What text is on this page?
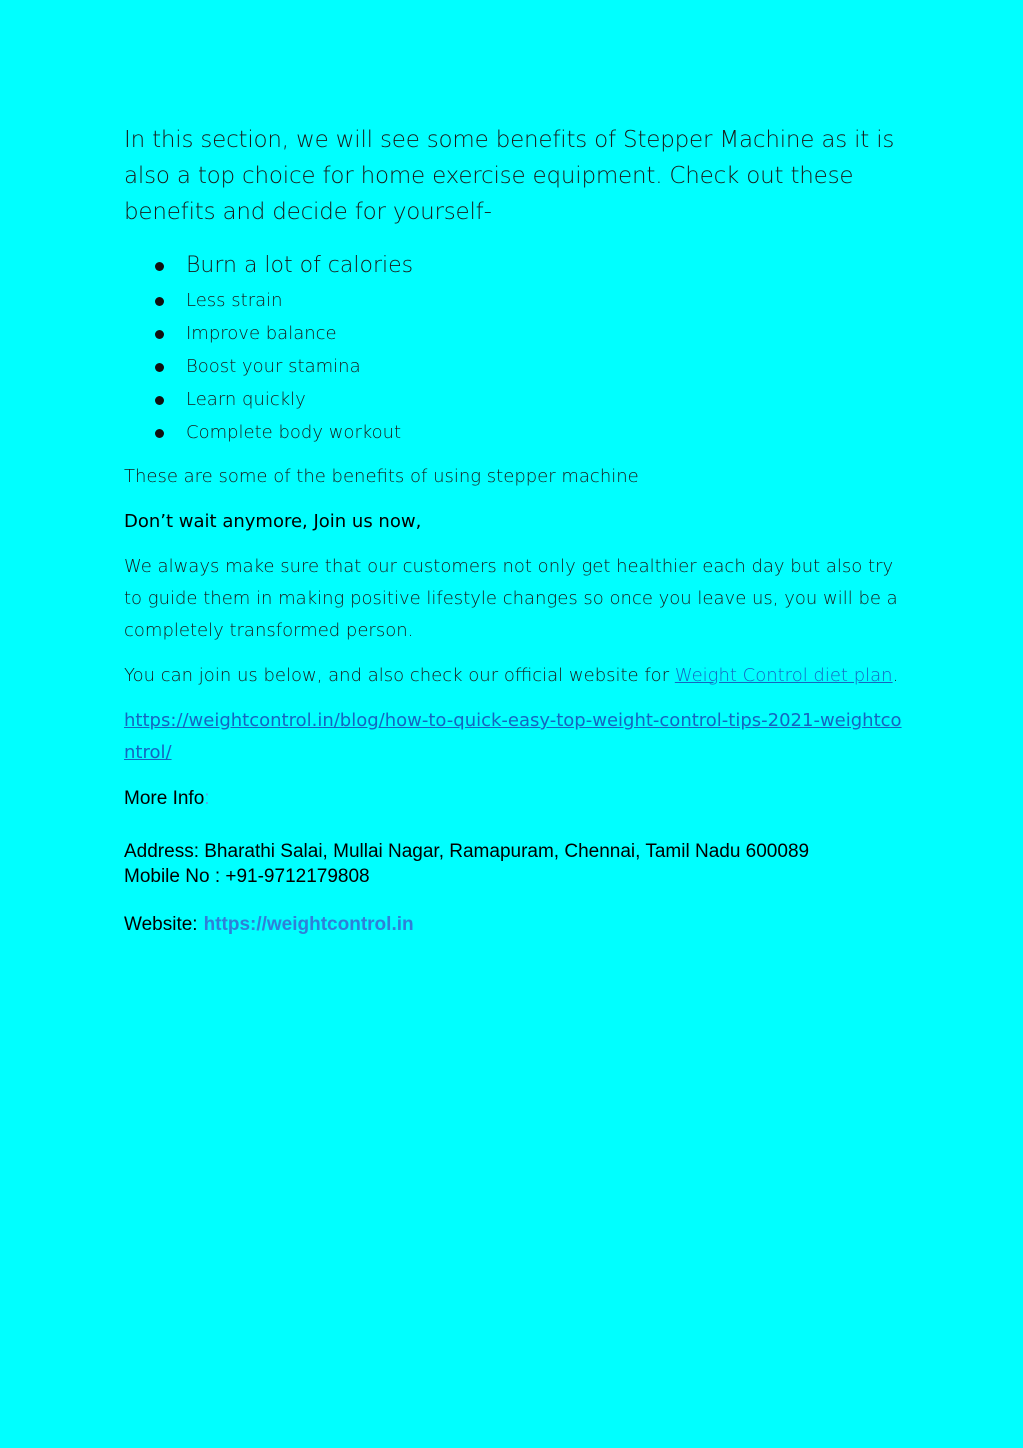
In this section, we will see some benefits of Stepper Machine as it is also a top choice for home exercise equipment. Check out these benefits and decide for yourself-

Burn a lot of calories
Less strain
Improve balance
Boost your stamina
Learn quickly
Complete body workout

These are some of the benefits of using stepper machine

Don’t wait anymore, Join us now,

We always make sure that our customers not only get healthier each day but also try to guide them in making positive lifestyle changes so once you leave us, you will be a completely transformed person.

You can join us below, and also check our official website for Weight Control diet plan.

https://weightcontrol.in/blog/how-to-quick-easy-top-weight-control-tips-2021-weightcontrol/

More Info:

Address: Bharathi Salai, Mullai Nagar, Ramapuram, Chennai, Tamil Nadu 600089
Mobile No : +91-9712179808

Website: https://weightcontrol.in
